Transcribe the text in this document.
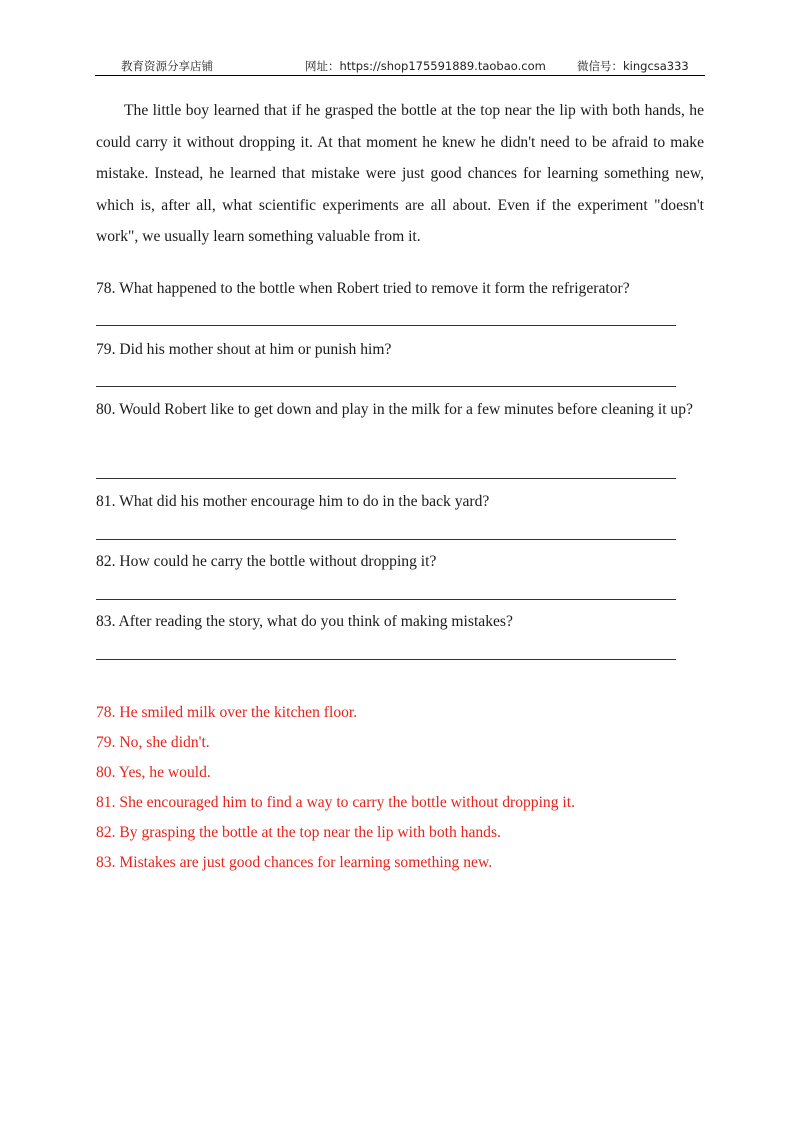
教育资源分享店铺	网址：https://shop175591889.taobao.com	微信号：kingcsa333

The little boy learned that if he grasped the bottle at the top near the lip with both hands, he could carry it without dropping it. At that moment he knew he didn't need to be afraid to make mistake. Instead, he learned that mistake were just good chances for learning something new, which is, after all, what scientific experiments are all about. Even if the experiment "doesn't work", we usually learn something valuable from it.

78. What happened to the bottle when Robert tried to remove it form the refrigerator?

79. Did his mother shout at him or punish him?

80. Would Robert like to get down and play in the milk for a few minutes before cleaning it up?

81. What did his mother encourage him to do in the back yard?

82. How could he carry the bottle without dropping it?

83. After reading the story, what do you think of making mistakes?

78. He smiled milk over the kitchen floor.

79. No, she didn't.

80. Yes, he would.

81. She encouraged him to find a way to carry the bottle without dropping it.

82. By grasping the bottle at the top near the lip with both hands.

83. Mistakes are just good chances for learning something new.
